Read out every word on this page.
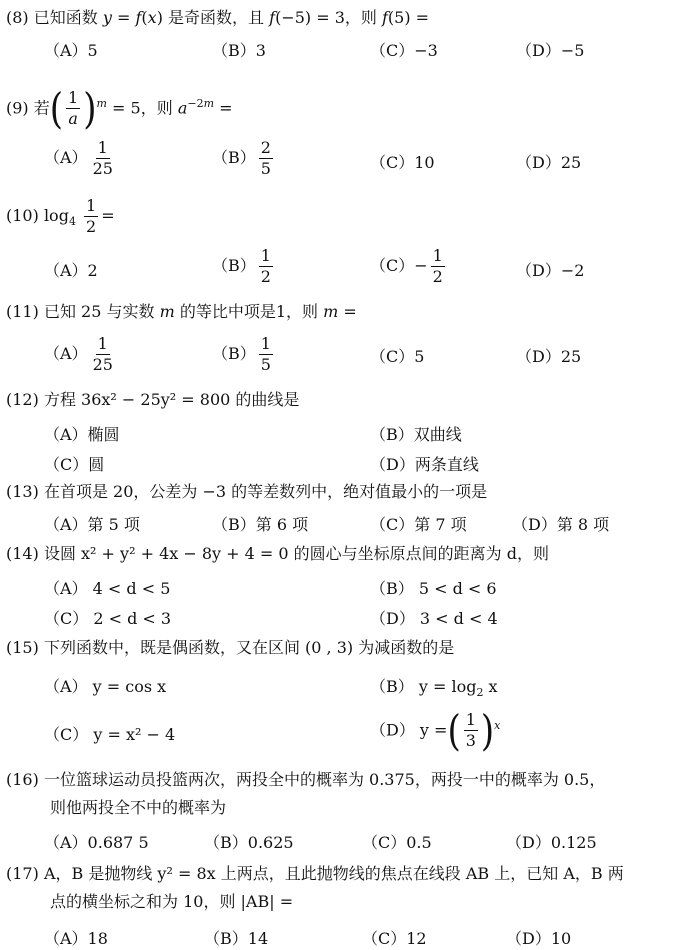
(8) 已知函数 y = f(x) 是奇函数，且 f(−5) = 3，则 f(5) =
（A）5	（B）3	（C）−3	（D）−5
(9) 若( $\frac{1}{a} )^m = 5$，则 $a^{-2m}$ =
$(A) \frac{1}{25}$	$(B) \frac{2}{5}$	（C）10	（D）25
(10) $\log_4 \frac{1}{2}$ =
（A）2	$(B) \frac{1}{2}$	$(C)- \frac{1}{2}$	（D）−2
(11) 已知 25 与实数 m 的等比中项是1，则 m =
$(A) \frac{1}{25}$	$(B) \frac{1}{5}$	（C）5	（D）25
(12) 方程 36x² − 25y² = 800 的曲线是
（A）椭圆	（B）双曲线
（C）圆	（D）两条直线
(13) 在首项是 20，公差为 −3 的等差数列中，绝对值最小的一项是
（A）第 5 项	（B）第 6 项	（C）第 7 项	（D）第 8 项
(14) 设圆 x² + y² + 4x − 8y + 4 = 0 的圆心与坐标原点间的距离为 d，则
（A） 4 < d < 5	（B） 5 < d < 6
（C） 2 < d < 3	（D） 3 < d < 4
(15) 下列函数中，既是偶函数，又在区间 (0 , 3) 为减函数的是
（A） y = cos x	（B） $y = \log_2 x$
（C） y = x² − 4	（D） y =( $\frac{1}{3} )^x$
(16) 一位篮球运动员投篮两次，两投全中的概率为 0.375，两投一中的概率为 0.5，
则他两投全不中的概率为
（A）0.687 5	（B）0.625	（C）0.5	（D）0.125
(17) A，B 是抛物线 y² = 8x 上两点，且此抛物线的焦点在线段 AB 上，已知 A，B 两
点的横坐标之和为 10，则 |AB| =
（A）18	（B）14	（C）12	（D）10
